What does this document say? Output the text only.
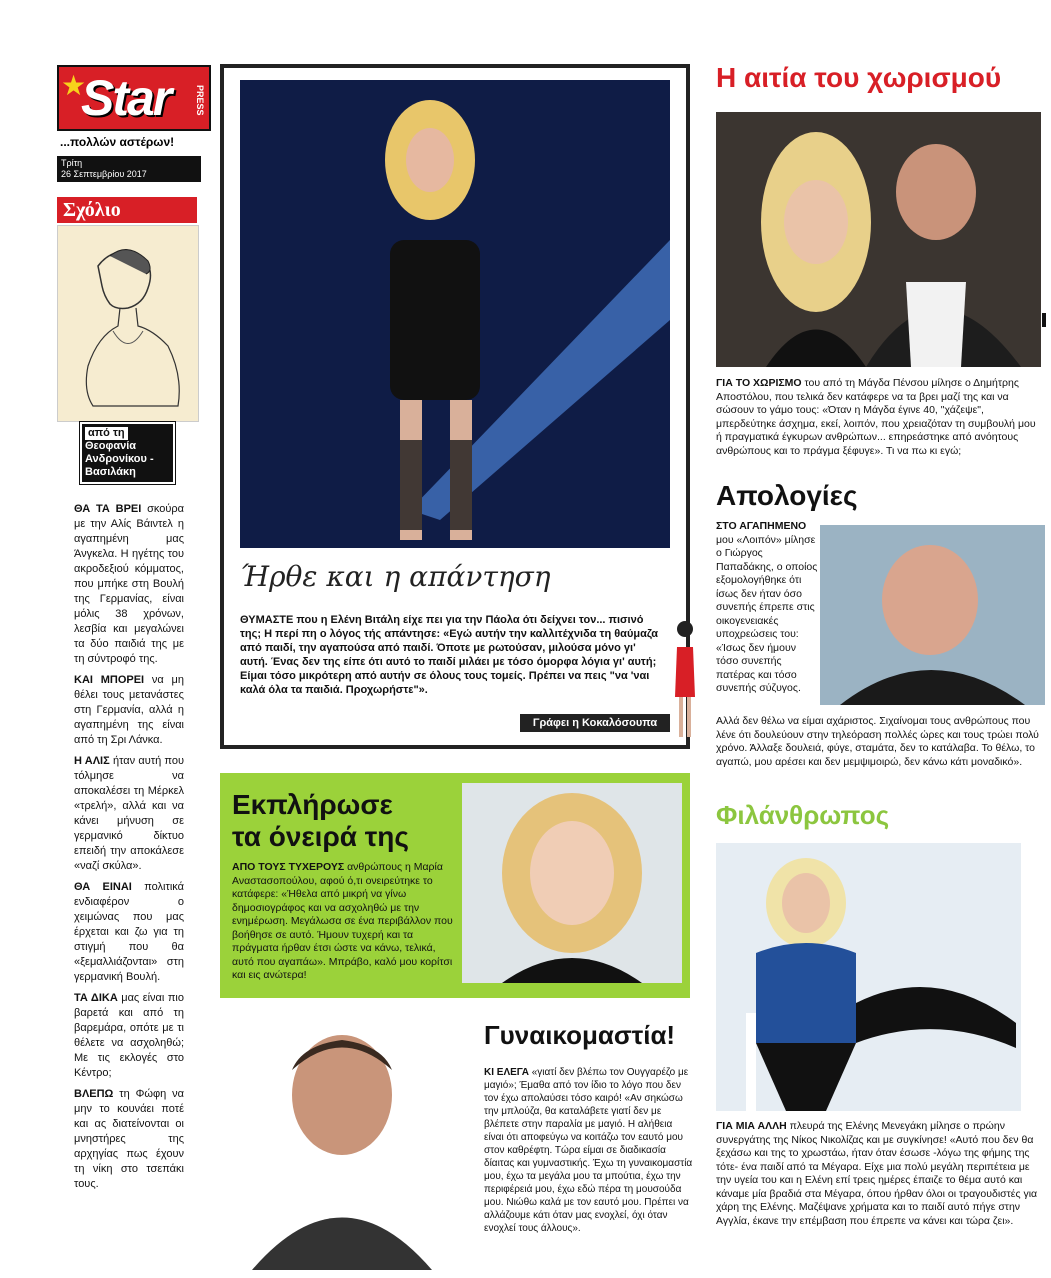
★
Star	PRESS
...πολλών αστέρων!
Τρίτη
26 Σεπτεμβρίου 2017
Σχόλιο
από τη
Θεοφανία Ανδρονίκου - Βασιλάκη

ΘΑ ΤΑ ΒΡΕΙ σκούρα με την Αλίς Βάιντελ η αγαπημένη μας Άνγκελα. Η ηγέτης του ακροδεξιού κόμματος, που μπήκε στη Βουλή της Γερμανίας, είναι μόλις 38 χρόνων, λεσβία και μεγαλώνει τα δύο παιδιά της με τη σύντροφό της.

ΚΑΙ ΜΠΟΡΕΙ να μη θέλει τους μετανάστες στη Γερμανία, αλλά η αγαπημένη της είναι από τη Σρι Λάνκα.

Η ΑΛΙΣ ήταν αυτή που τόλμησε να αποκαλέσει τη Μέρκελ «τρελή», αλλά και να κάνει μήνυση σε γερμανικό δίκτυο επειδή την αποκάλεσε «ναζί σκύλα».

ΘΑ ΕΙΝΑΙ πολιτικά ενδιαφέρον ο χειμώνας που μας έρχεται και ζω για τη στιγμή που θα «ξεμαλλιάζονται» στη γερμανική Βουλή.

ΤΑ ΔΙΚΑ μας είναι πιο βαρετά και από τη βαρεμάρα, οπότε με τι θέλετε να ασχοληθώ; Με τις εκλογές στο Κέντρο;

ΒΛΕΠΩ τη Φώφη να μην το κουνάει ποτέ και ας διατείνονται οι μνηστήρες της αρχηγίας πως έχουν τη νίκη στο τσεπάκι τους.

Ήρθε και η απάντηση
ΘΥΜΑΣΤΕ που η Ελένη Βιτάλη είχε πει για την Πάολα ότι δείχνει τον... πισινό της; Η περί πη ο λόγος τής απάντησε: «Εγώ αυτήν την καλλιτέχνιδα τη θαύμαζα από παιδί, την αγαπούσα από παιδί. Όποτε με ρωτούσαν, μιλούσα μόνο γι' αυτή. Ένας δεν της είπε ότι αυτό το παιδί μιλάει με τόσο όμορφα λόγια γι' αυτή; Είμαι τόσο μικρότερη από αυτήν σε όλους τους τομείς. Πρέπει να πεις "να 'ναι καλά όλα τα παιδιά. Προχωρήστε"».
Γράφει η Κοκαλόσουπα
Εκπλήρωσε
τα όνειρά της
ΑΠΟ ΤΟΥΣ ΤΥΧΕΡΟΥΣ ανθρώπους η Μαρία Αναστασοπούλου, αφού ό,τι ονειρεύτηκε το κατάφερε: «Ήθελα από μικρή να γίνω δημοσιογράφος και να ασχοληθώ με την ενημέρωση. Μεγάλωσα σε ένα περιβάλλον που βοήθησε σε αυτό. Ήμουν τυχερή και τα πράγματα ήρθαν έτσι ώστε να κάνω, τελικά, αυτό που αγαπάω». Μπράβο, καλό μου κορίτσι και εις ανώτερα!
Γυναικομαστία!
ΚΙ ΕΛΕΓΑ «γιατί δεν βλέπω τον Ουγγαρέζο με μαγιό»; Έμαθα από τον ίδιο το λόγο που δεν τον έχω απολαύσει τόσο καιρό! «Αν σηκώσω την μπλούζα, θα καταλάβετε γιατί δεν με βλέπετε στην παραλία με μαγιό. Η αλήθεια είναι ότι αποφεύγω να κοιτάζω τον εαυτό μου στον καθρέφτη. Τώρα είμαι σε διαδικασία δίαιτας και γυμναστικής. Έχω τη γυναικομαστία μου, έχω τα μεγάλα μου τα μπούτια, έχω την περιφέρειά μου, έχω εδώ πέρα τη μουσούδα μου. Νιώθω καλά με τον εαυτό μου. Πρέπει να αλλάζουμε κάτι όταν μας ενοχλεί, όχι όταν ενοχλεί τους άλλους».
Η αιτία του χωρισμού
ΓΙΑ ΤΟ ΧΩΡΙΣΜΟ του από τη Μάγδα Πένσου μίλησε ο Δημήτρης Αποστόλου, που τελικά δεν κατάφερε να τα βρει μαζί της και να σώσουν το γάμο τους: «Όταν η Μάγδα έγινε 40, "χάζεψε", μπερδεύτηκε άσχημα, εκεί, λοιπόν, που χρειαζόταν τη συμβουλή μου ή πραγματικά έγκυρων ανθρώπων... επηρεάστηκε από ανόητους ανθρώπους και το πράγμα ξέφυγε». Τι να πω κι εγώ;
Απολογίες
ΣΤΟ ΑΓΑΠΗΜΕΝΟ μου «Λοιπόν» μίλησε ο Γιώργος Παπαδάκης, ο οποίος εξομολογήθηκε ότι ίσως δεν ήταν όσο συνεπής έπρεπε στις οικογενειακές υποχρεώσεις του: «Ίσως δεν ήμουν τόσο συνεπής πατέρας και τόσο συνεπής σύζυγος.
Αλλά δεν θέλω να είμαι αχάριστος. Σιχαίνομαι τους ανθρώπους που λένε ότι δουλεύουν στην τηλεόραση πολλές ώρες και τους τρώει πολύ χρόνο. Άλλαξε δουλειά, φύγε, σταμάτα, δεν το κατάλαβα. Το θέλω, το αγαπώ, μου αρέσει και δεν μεμψιμοιρώ, δεν κάνω κάτι μοναδικό».
Φιλάνθρωπος
ΓΙΑ ΜΙΑ ΑΛΛΗ πλευρά της Ελένης Μενεγάκη μίλησε ο πρώην συνεργάτης της Νίκος Νικολίζας και με συγκίνησε! «Αυτό που δεν θα ξεχάσω και της το χρωστάω, ήταν όταν έσωσε -λόγω της φήμης της τότε- ένα παιδί από τα Μέγαρα. Είχε μια πολύ μεγάλη περιπέτεια με την υγεία του και η Ελένη επί τρεις ημέρες έπαιζε το θέμα αυτό και κάναμε μία βραδιά στα Μέγαρα, όπου ήρθαν όλοι οι τραγουδιστές για χάρη της Ελένης. Μαζέψανε χρήματα και το παιδί αυτό πήγε στην Αγγλία, έκανε την επέμβαση που έπρεπε να κάνει και τώρα ζει».
